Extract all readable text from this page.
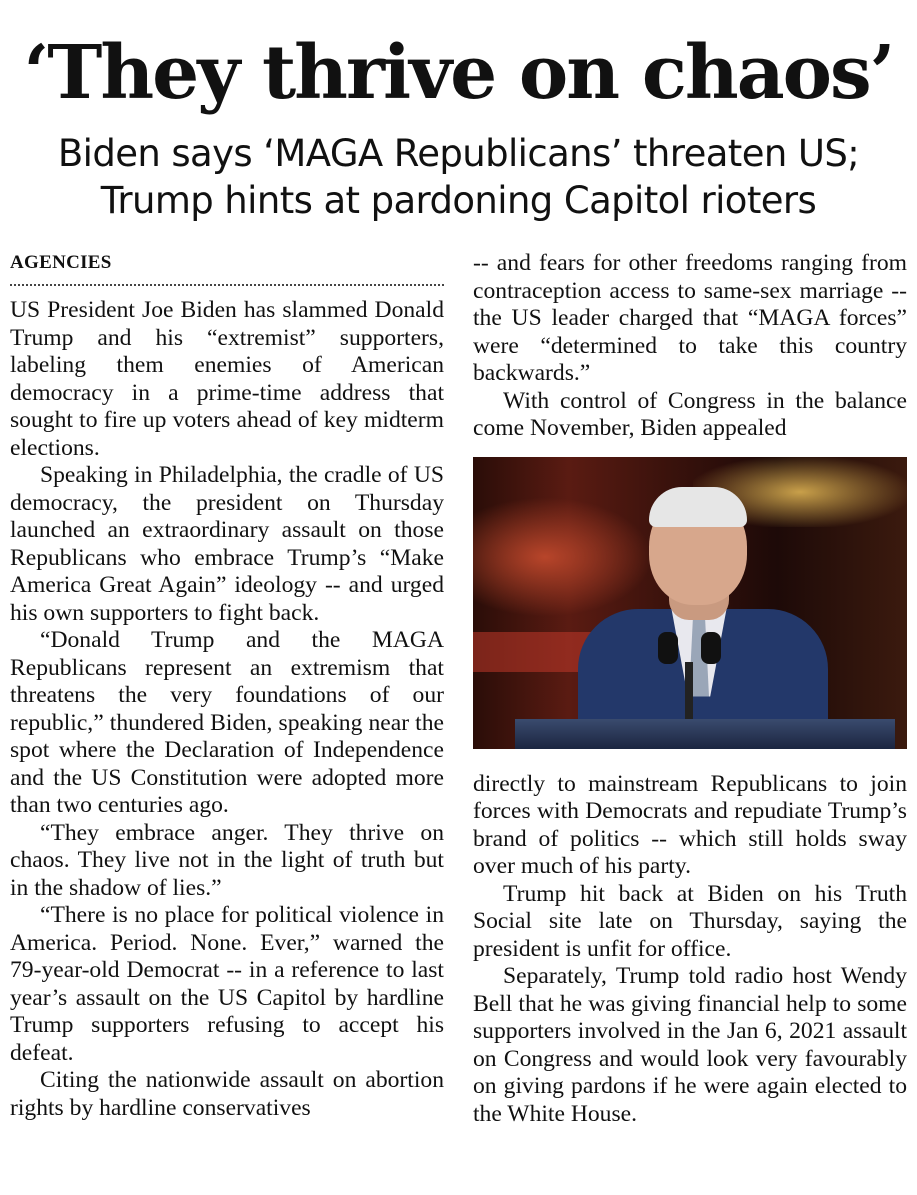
‘They thrive on chaos’
Biden says ‘MAGA Republicans’ threaten US;
Trump hints at pardoning Capitol rioters
AGENCIES

US President Joe Biden has slammed Donald Trump and his “extremist” supporters, labeling them enemies of American democracy in a prime-time address that sought to fire up voters ahead of key midterm elections.

Speaking in Philadelphia, the cradle of US democracy, the president on Thursday launched an extraordinary assault on those Republicans who embrace Trump’s “Make America Great Again” ideology -- and urged his own supporters to fight back.

“Donald Trump and the MAGA Republicans represent an extremism that threatens the very foundations of our republic,” thundered Biden, speaking near the spot where the Declaration of Independence and the US Constitution were adopted more than two centuries ago.

“They embrace anger. They thrive on chaos. They live not in the light of truth but in the shadow of lies.”

“There is no place for political violence in America. Period. None. Ever,” warned the 79-year-old Democrat -- in a reference to last year’s assault on the US Capitol by hardline Trump supporters refusing to accept his defeat.

Citing the nationwide assault on abortion rights by hardline conservatives

-- and fears for other freedoms ranging from contraception access to same-sex marriage -- the US leader charged that “MAGA forces” were “determined to take this country backwards.”

With control of Congress in the balance come November, Biden appealed

directly to mainstream Republicans to join forces with Democrats and repudiate Trump’s brand of politics -- which still holds sway over much of his party.

Trump hit back at Biden on his Truth Social site late on Thursday, saying the president is unfit for office.

Separately, Trump told radio host Wendy Bell that he was giving financial help to some supporters involved in the Jan 6, 2021 assault on Congress and would look very favourably on giving pardons if he were again elected to the White House.
